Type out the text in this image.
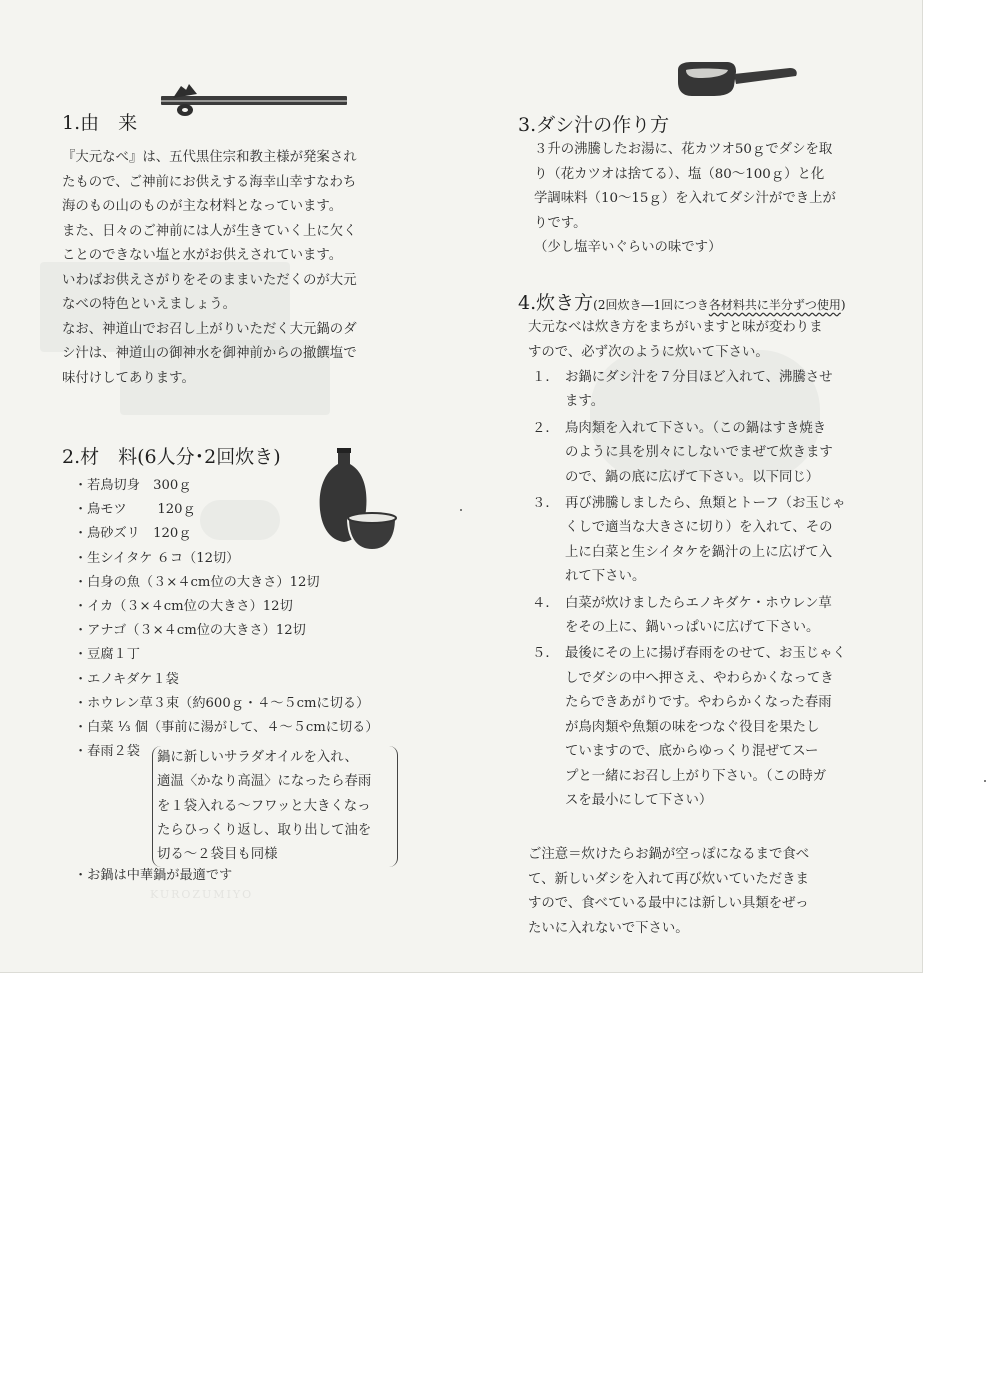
1.由　来
『大元なべ』は、五代黒住宗和教主様が発案され
たもので、ご神前にお供えする海幸山幸すなわち
海のもの山のものが主な材料となっています。
また、日々のご神前には人が生きていく上に欠く
ことのできない塩と水がお供えされています。
いわばお供えさがりをそのままいただくのが大元
なべの特色といえましょう。
なお、神道山でお召し上がりいただく大元鍋のダ
シ汁は、神道山の御神水を御神前からの撤饌塩で
味付けしてあります。
2.材　料(6人分･2回炊き)
・若鳥切身　300ｇ
・鳥モツ　　 120ｇ
・鳥砂ズリ　120ｇ
・生シイタケ ６コ（12切）
・白身の魚（３×４cm位の大きさ）12切
・イカ（３×４cm位の大きさ）12切
・アナゴ（３×４cm位の大きさ）12切
・豆腐１丁
・エノキダケ１袋
・ホウレン草３束（約600ｇ・４～５cmに切る）
・白菜 ⅓ 個（事前に湯がして、４～５cmに切る）
・春雨２袋	鍋に新しいサラダオイルを入れ、
適温〈かなり高温〉になったら春雨
を１袋入れる～フワッと大きくなっ
たらひっくり返し、取り出して油を
切る～２袋目も同様
・お鍋は中華鍋が最適です
KUROZUMIYO
3.ダシ汁の作り方
３升の沸騰したお湯に、花カツオ50ｇでダシを取
り（花カツオは捨てる）、塩（80～100ｇ）と化
学調味料（10～15ｇ）を入れてダシ汁ができ上が
りです。
（少し塩辛いぐらいの味です）
4.炊き方(2回炊き―1回につき各材料共に半分ずつ使用)
大元なべは炊き方をまちがいますと味が変わりま
すので、必ず次のように炊いて下さい。
１． お鍋にダシ汁を７分目ほど入れて、沸騰させ
ます。
２． 鳥肉類を入れて下さい。（この鍋はすき焼き
のように具を別々にしないでまぜて炊きます
ので、鍋の底に広げて下さい。以下同じ）
３． 再び沸騰しましたら、魚類とトーフ（お玉じゃ
くしで適当な大きさに切り）を入れて、その
上に白菜と生シイタケを鍋汁の上に広げて入
れて下さい。
４． 白菜が炊けましたらエノキダケ・ホウレン草
をその上に、鍋いっぱいに広げて下さい。
５． 最後にその上に揚げ春雨をのせて、お玉じゃく
しでダシの中へ押さえ、やわらかくなってき
たらできあがりです。やわらかくなった春雨
が鳥肉類や魚類の味をつなぐ役目を果たし
ていますので、底からゆっくり混ぜてスー
プと一緒にお召し上がり下さい。（この時ガ
スを最小にして下さい）
ご注意＝炊けたらお鍋が空っぽになるまで食べ
て、新しいダシを入れて再び炊いていただきま
すので、食べている最中には新しい具類をぜっ
たいに入れないで下さい。
